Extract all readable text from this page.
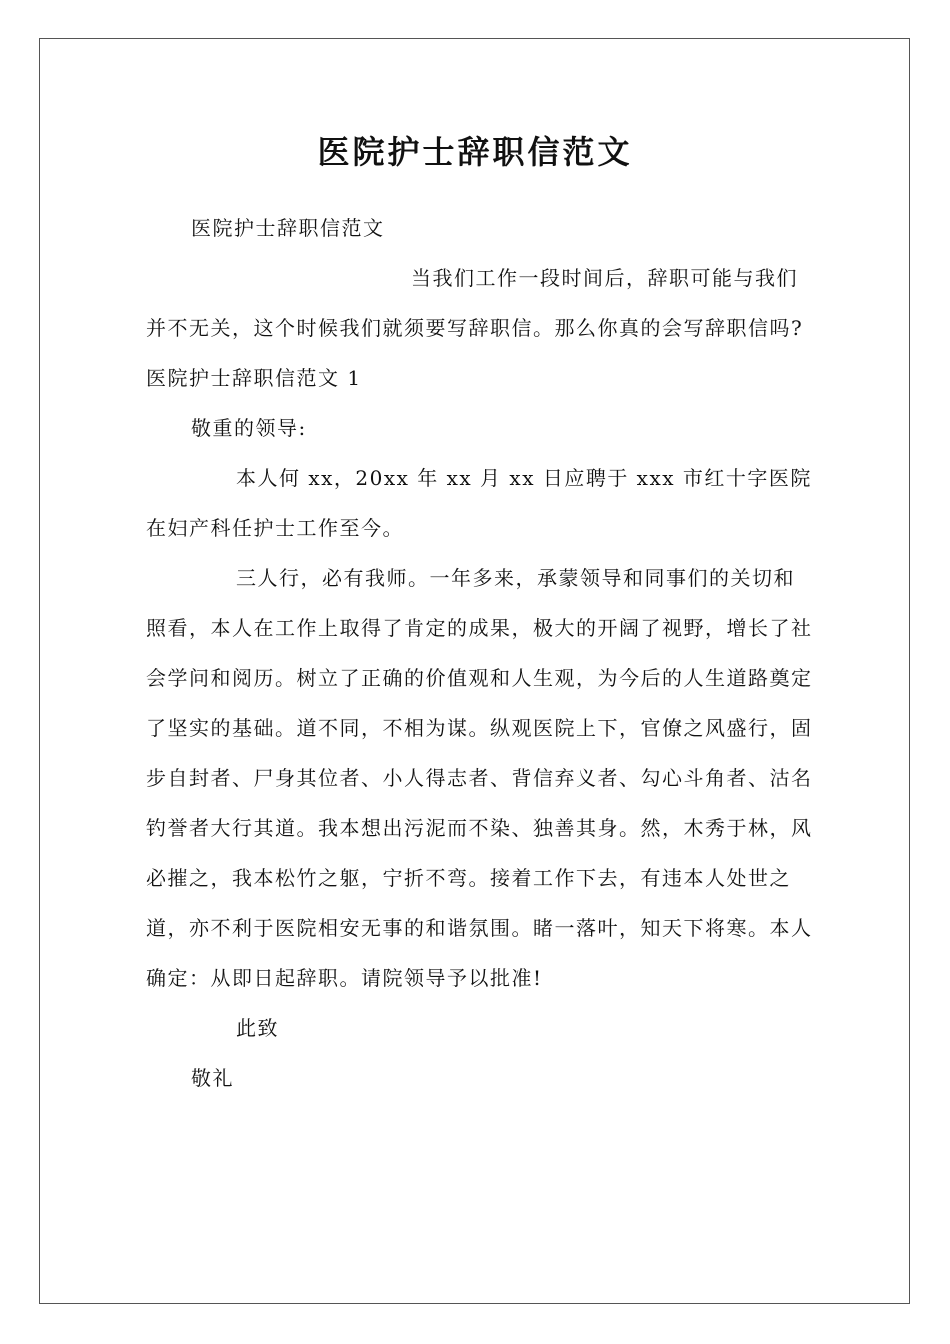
医院护士辞职信范文

医院护士辞职信范文

当我们工作一段时间后，辞职可能与我们并不无关，这个时候我们就须要写辞职信。那么你真的会写辞职信吗?

医院护士辞职信范文 1

敬重的领导:

本人何 xx，20xx 年 xx 月 xx 日应聘于 xxx 市红十字医院在妇产科任护士工作至今。

三人行，必有我师。一年多来，承蒙领导和同事们的关切和照看，本人在工作上取得了肯定的成果，极大的开阔了视野，增长了社会学问和阅历。树立了正确的价值观和人生观，为今后的人生道路奠定了坚实的基础。道不同，不相为谋。纵观医院上下，官僚之风盛行，固步自封者、尸身其位者、小人得志者、背信弃义者、勾心斗角者、沽名钓誉者大行其道。我本想出污泥而不染、独善其身。然，木秀于林，风必摧之，我本松竹之躯，宁折不弯。接着工作下去，有违本人处世之道，亦不利于医院相安无事的和谐氛围。睹一落叶，知天下将寒。本人确定：从即日起辞职。请院领导予以批准!

此致

敬礼
